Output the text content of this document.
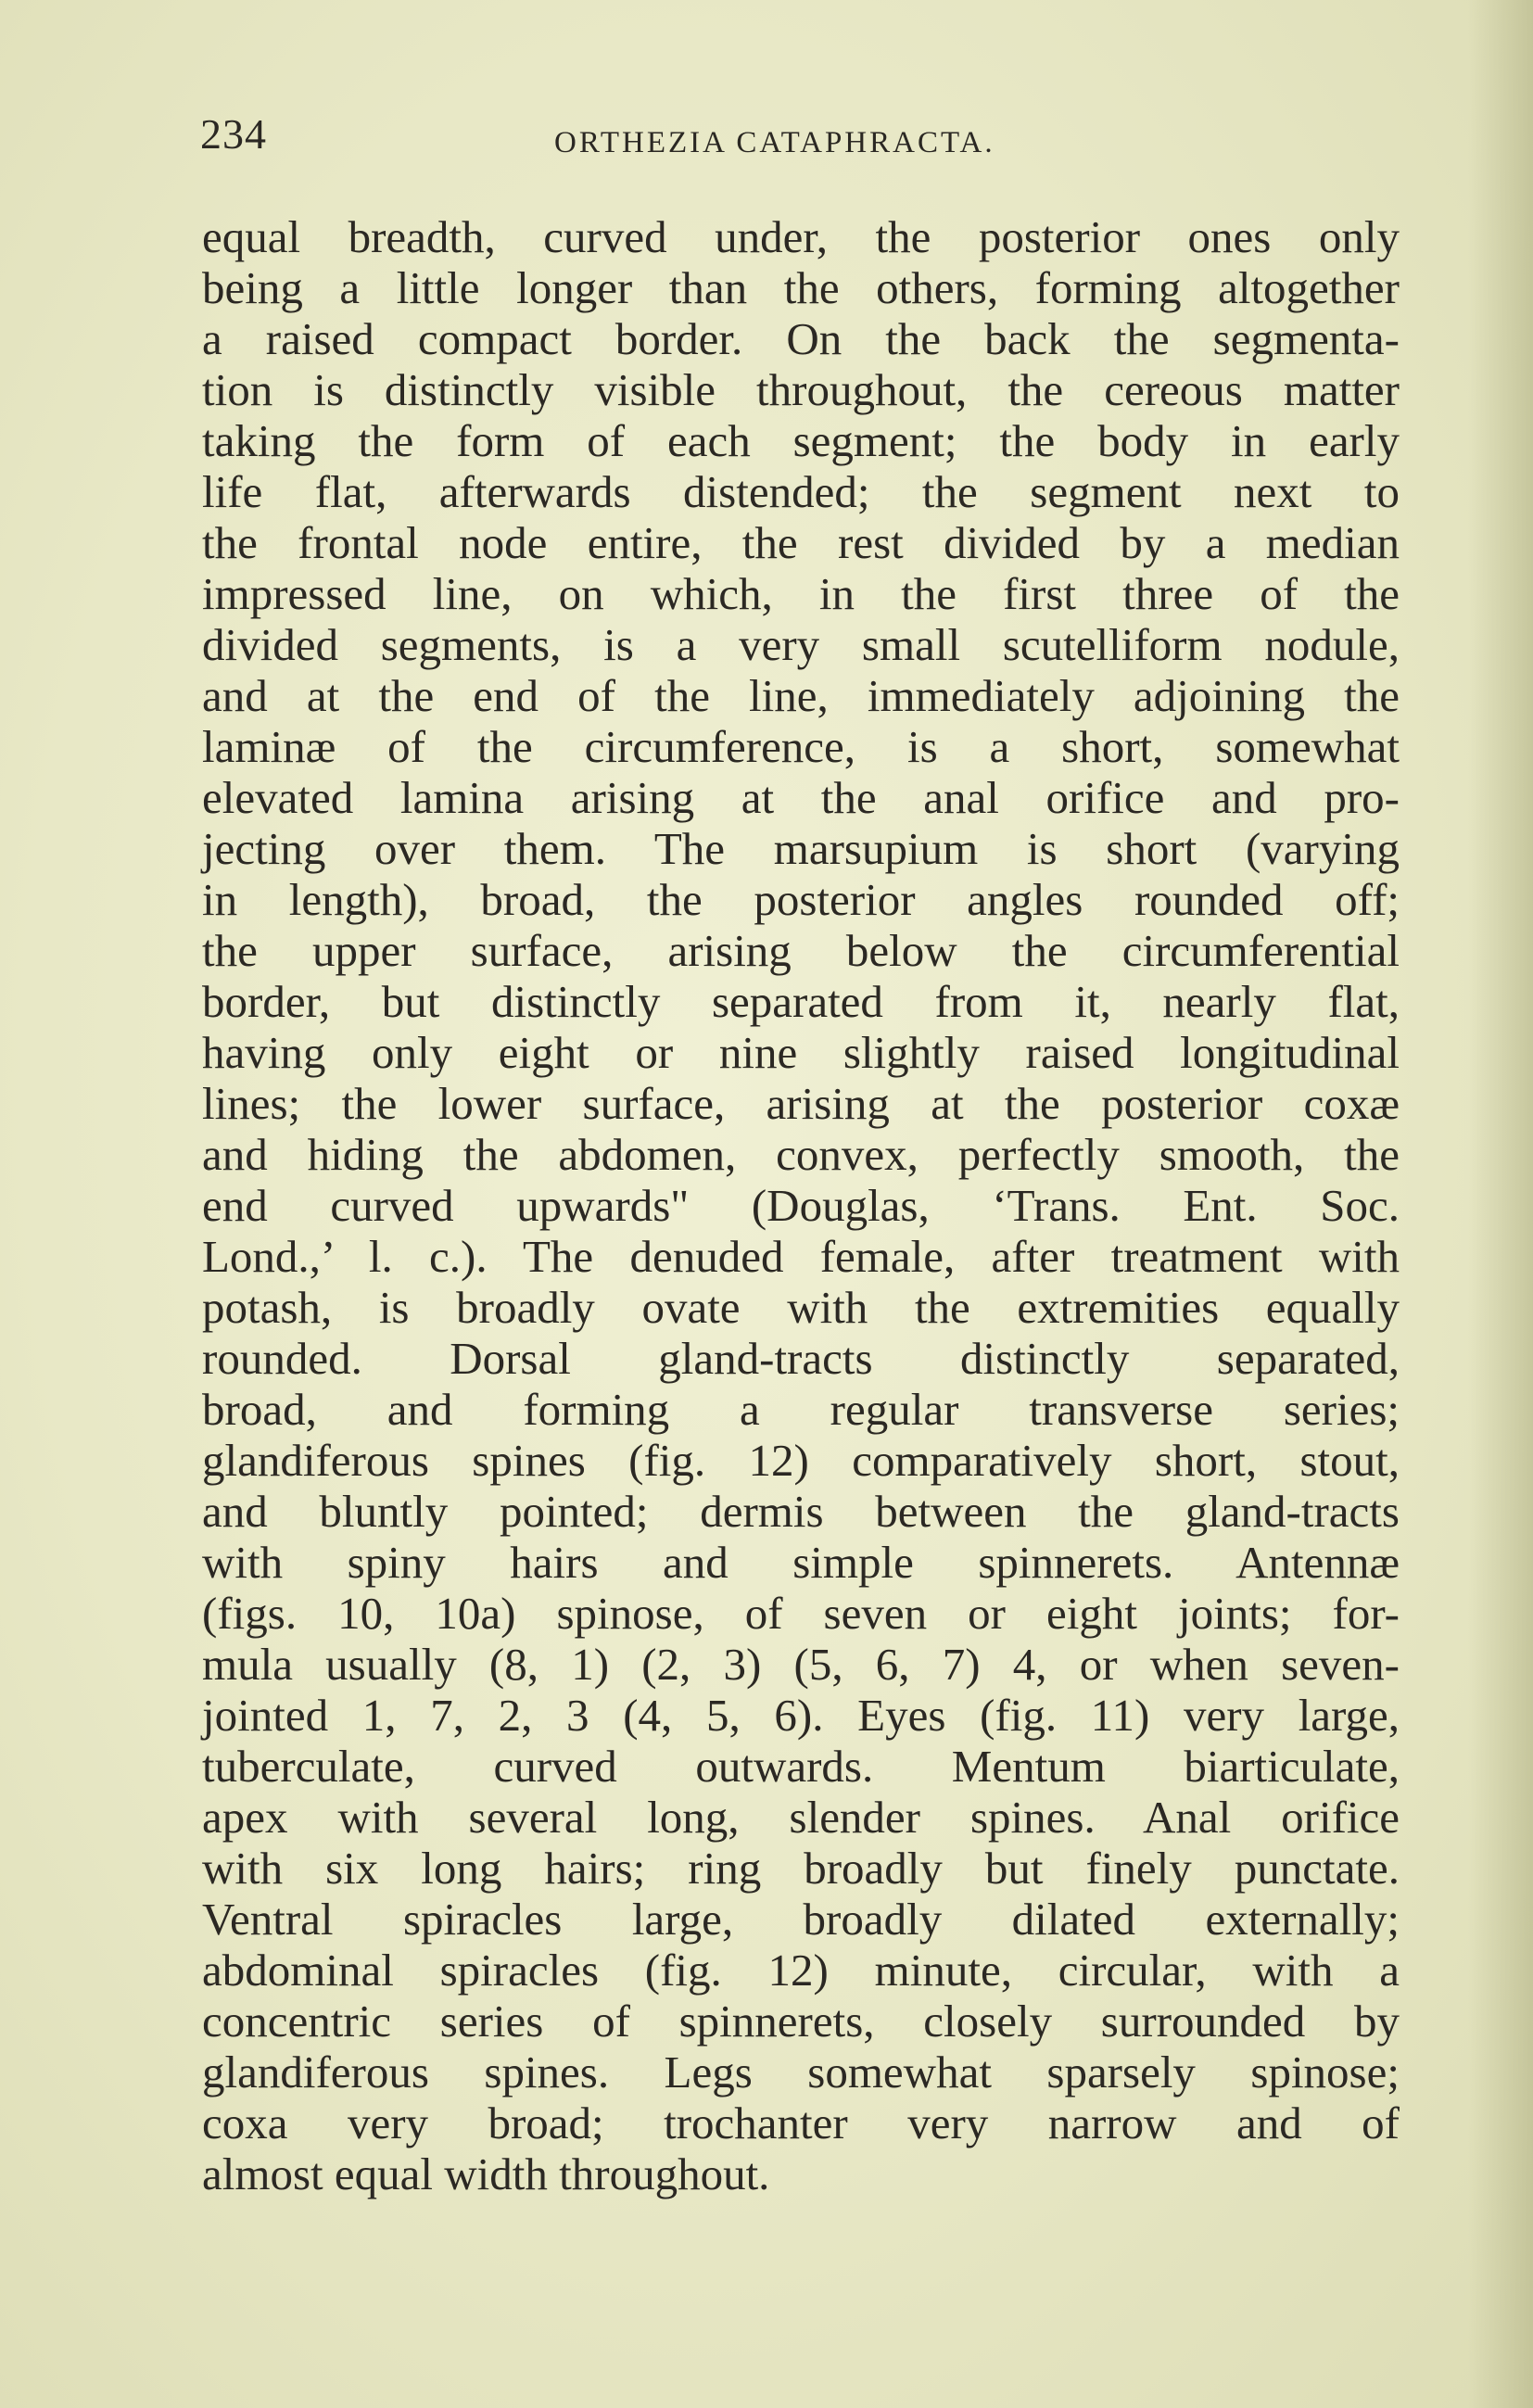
234	ORTHEZIA CATAPHRACTA.
equal breadth, curved under, the posterior ones only
being a little longer than the others, forming altogether
a raised compact border. On the back the segmenta-
tion is distinctly visible throughout, the cereous matter
taking the form of each segment; the body in early
life flat, afterwards distended; the segment next to
the frontal node entire, the rest divided by a median
impressed line, on which, in the first three of the
divided segments, is a very small scutelliform nodule,
and at the end of the line, immediately adjoining the
laminæ of the circumference, is a short, somewhat
elevated lamina arising at the anal orifice and pro-
jecting over them. The marsupium is short (varying
in length), broad, the posterior angles rounded off;
the upper surface, arising below the circumferential
border, but distinctly separated from it, nearly flat,
having only eight or nine slightly raised longitudinal
lines; the lower surface, arising at the posterior coxæ
and hiding the abdomen, convex, perfectly smooth, the
end curved upwards" (Douglas, ‘Trans. Ent. Soc.
Lond.,’ l. c.). The denuded female, after treatment with
potash, is broadly ovate with the extremities equally
rounded. Dorsal gland-tracts distinctly separated,
broad, and forming a regular transverse series;
glandiferous spines (fig. 12) comparatively short, stout,
and bluntly pointed; dermis between the gland-tracts
with spiny hairs and simple spinnerets. Antennæ
(figs. 10, 10a) spinose, of seven or eight joints; for-
mula usually (8, 1) (2, 3) (5, 6, 7) 4, or when seven-
jointed 1, 7, 2, 3 (4, 5, 6). Eyes (fig. 11) very large,
tuberculate, curved outwards. Mentum biarticulate,
apex with several long, slender spines. Anal orifice
with six long hairs; ring broadly but finely punctate.
Ventral spiracles large, broadly dilated externally;
abdominal spiracles (fig. 12) minute, circular, with a
concentric series of spinnerets, closely surrounded by
glandiferous spines. Legs somewhat sparsely spinose;
coxa very broad; trochanter very narrow and of
almost equal width throughout.
